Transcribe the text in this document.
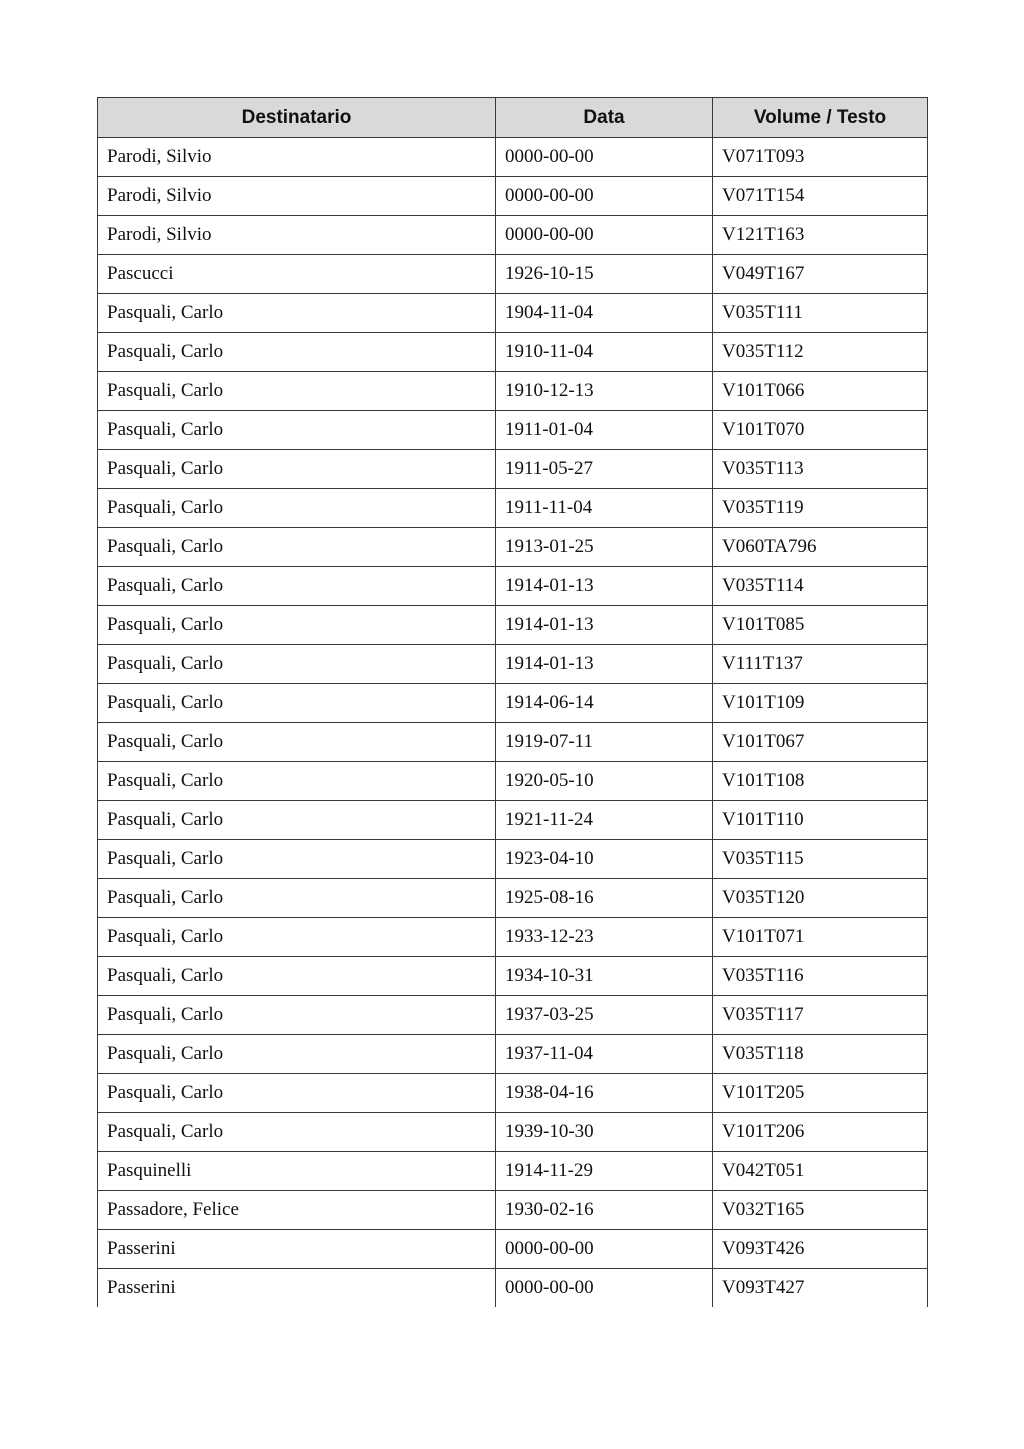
Destinatario	Data	Volume / Testo
Parodi, Silvio	0000-00-00	V071T093
Parodi, Silvio	0000-00-00	V071T154
Parodi, Silvio	0000-00-00	V121T163
Pascucci	1926-10-15	V049T167
Pasquali, Carlo	1904-11-04	V035T111
Pasquali, Carlo	1910-11-04	V035T112
Pasquali, Carlo	1910-12-13	V101T066
Pasquali, Carlo	1911-01-04	V101T070
Pasquali, Carlo	1911-05-27	V035T113
Pasquali, Carlo	1911-11-04	V035T119
Pasquali, Carlo	1913-01-25	V060TA796
Pasquali, Carlo	1914-01-13	V035T114
Pasquali, Carlo	1914-01-13	V101T085
Pasquali, Carlo	1914-01-13	V111T137
Pasquali, Carlo	1914-06-14	V101T109
Pasquali, Carlo	1919-07-11	V101T067
Pasquali, Carlo	1920-05-10	V101T108
Pasquali, Carlo	1921-11-24	V101T110
Pasquali, Carlo	1923-04-10	V035T115
Pasquali, Carlo	1925-08-16	V035T120
Pasquali, Carlo	1933-12-23	V101T071
Pasquali, Carlo	1934-10-31	V035T116
Pasquali, Carlo	1937-03-25	V035T117
Pasquali, Carlo	1937-11-04	V035T118
Pasquali, Carlo	1938-04-16	V101T205
Pasquali, Carlo	1939-10-30	V101T206
Pasquinelli	1914-11-29	V042T051
Passadore, Felice	1930-02-16	V032T165
Passerini	0000-00-00	V093T426
Passerini	0000-00-00	V093T427
